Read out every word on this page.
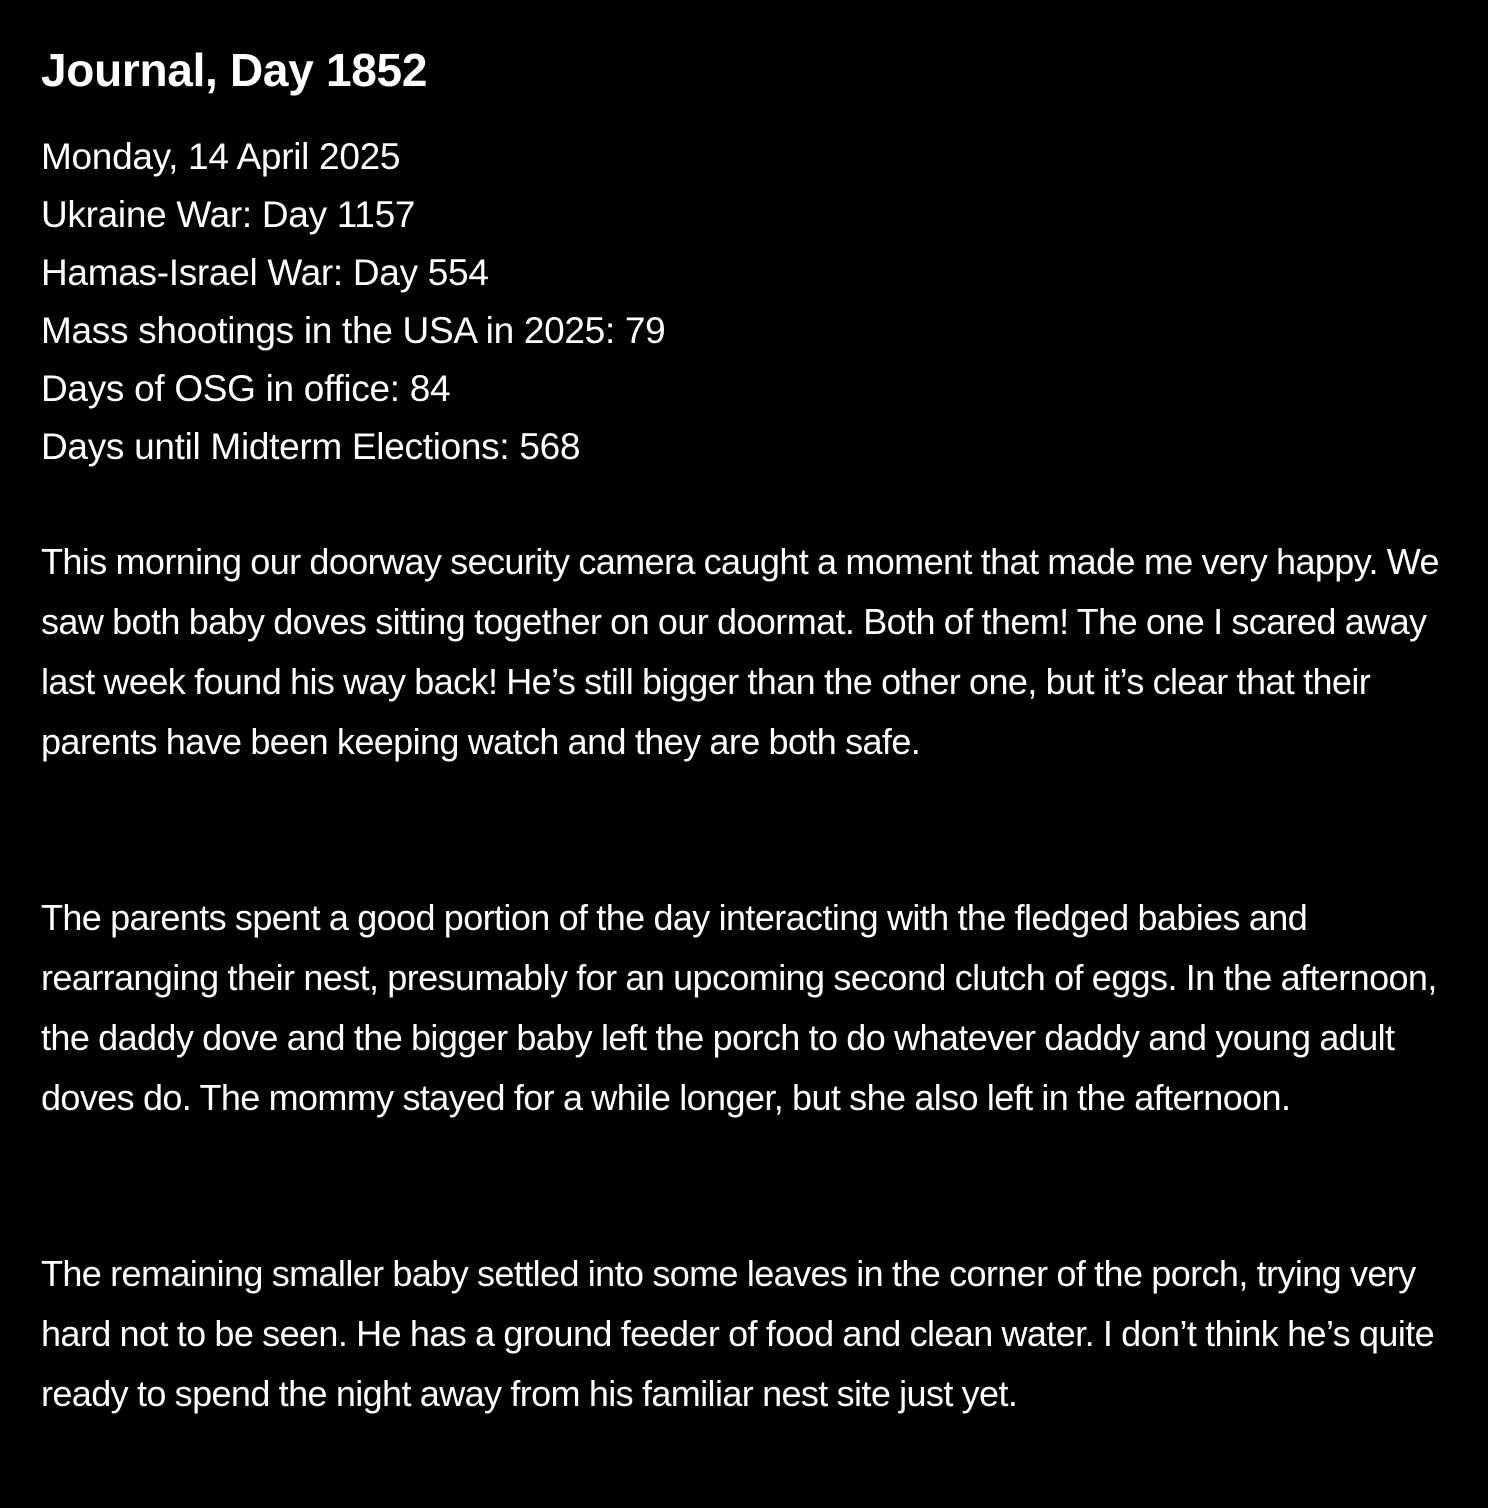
Journal, Day 1852
Monday, 14 April 2025
Ukraine War: Day 1157
Hamas-Israel War: Day 554
Mass shootings in the USA in 2025: 79
Days of OSG in office: 84
Days until Midterm Elections: 568

This morning our doorway security camera caught a moment that made me very happy. We saw both baby doves sitting together on our doormat. Both of them! The one I scared away last week found his way back! He’s still bigger than the other one, but it’s clear that their parents have been keeping watch and they are both safe.

The parents spent a good portion of the day interacting with the fledged babies and rearranging their nest, presumably for an upcoming second clutch of eggs. In the afternoon, the daddy dove and the bigger baby left the porch to do whatever daddy and young adult doves do. The mommy stayed for a while longer, but she also left in the afternoon.

The remaining smaller baby settled into some leaves in the corner of the porch, trying very hard not to be seen. He has a ground feeder of food and clean water. I don’t think he’s quite ready to spend the night away from his familiar nest site just yet.
